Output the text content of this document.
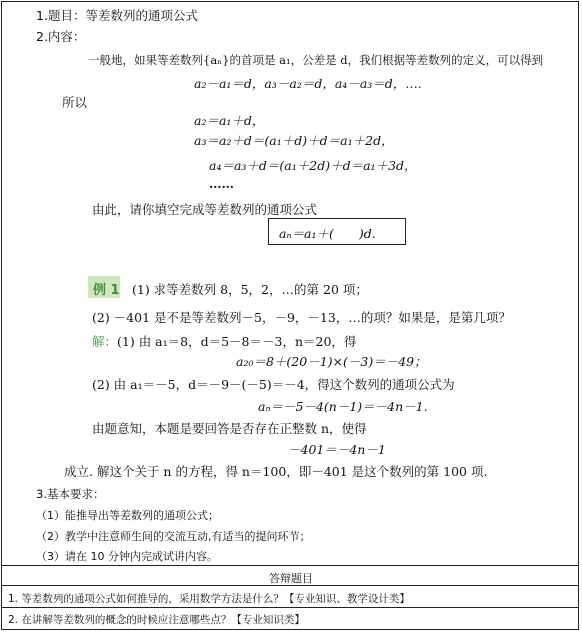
1.题目：等差数列的通项公式
2.内容：
一般地，如果等差数列{aₙ}的首项是 a₁，公差是 d，我们根据等差数列的定义，可以得到
a₂－a₁＝d，a₃－a₂＝d，a₄－a₃＝d，….
所以
a₂＝a₁＋d，
a₃＝a₂＋d＝(a₁＋d)＋d＝a₁＋2d，
a₄＝a₃＋d＝(a₁＋2d)＋d＝a₁＋3d，
……
由此，请你填空完成等差数列的通项公式
aₙ＝a₁＋(　　)d.
例 1 (1) 求等差数列 8，5，2，…的第 20 项；
(2) －401 是不是等差数列－5，－9，－13，…的项？如果是，是第几项？
解：(1) 由 a₁＝8，d＝5－8＝－3，n＝20，得
a₂₀＝8＋(20－1)×(－3)＝－49；
(2) 由 a₁＝－5，d＝－9－(－5)＝－4，得这个数列的通项公式为
aₙ＝－5－4(n－1)＝－4n－1.
由题意知，本题是要回答是否存在正整数 n，使得
－401＝－4n－1
成立. 解这个关于 n 的方程，得 n＝100，即－401 是这个数列的第 100 项.
3.基本要求：
（1）能推导出等差数列的通项公式；
（2）教学中注意师生间的交流互动,有适当的提问环节；
（3）请在 10 分钟内完成试讲内容。
答辩题目
1. 等差数列的通项公式如何推导的，采用数学方法是什么？【专业知识、教学设计类】
2. 在讲解等差数列的概念的时候应注意哪些点？【专业知识类】
